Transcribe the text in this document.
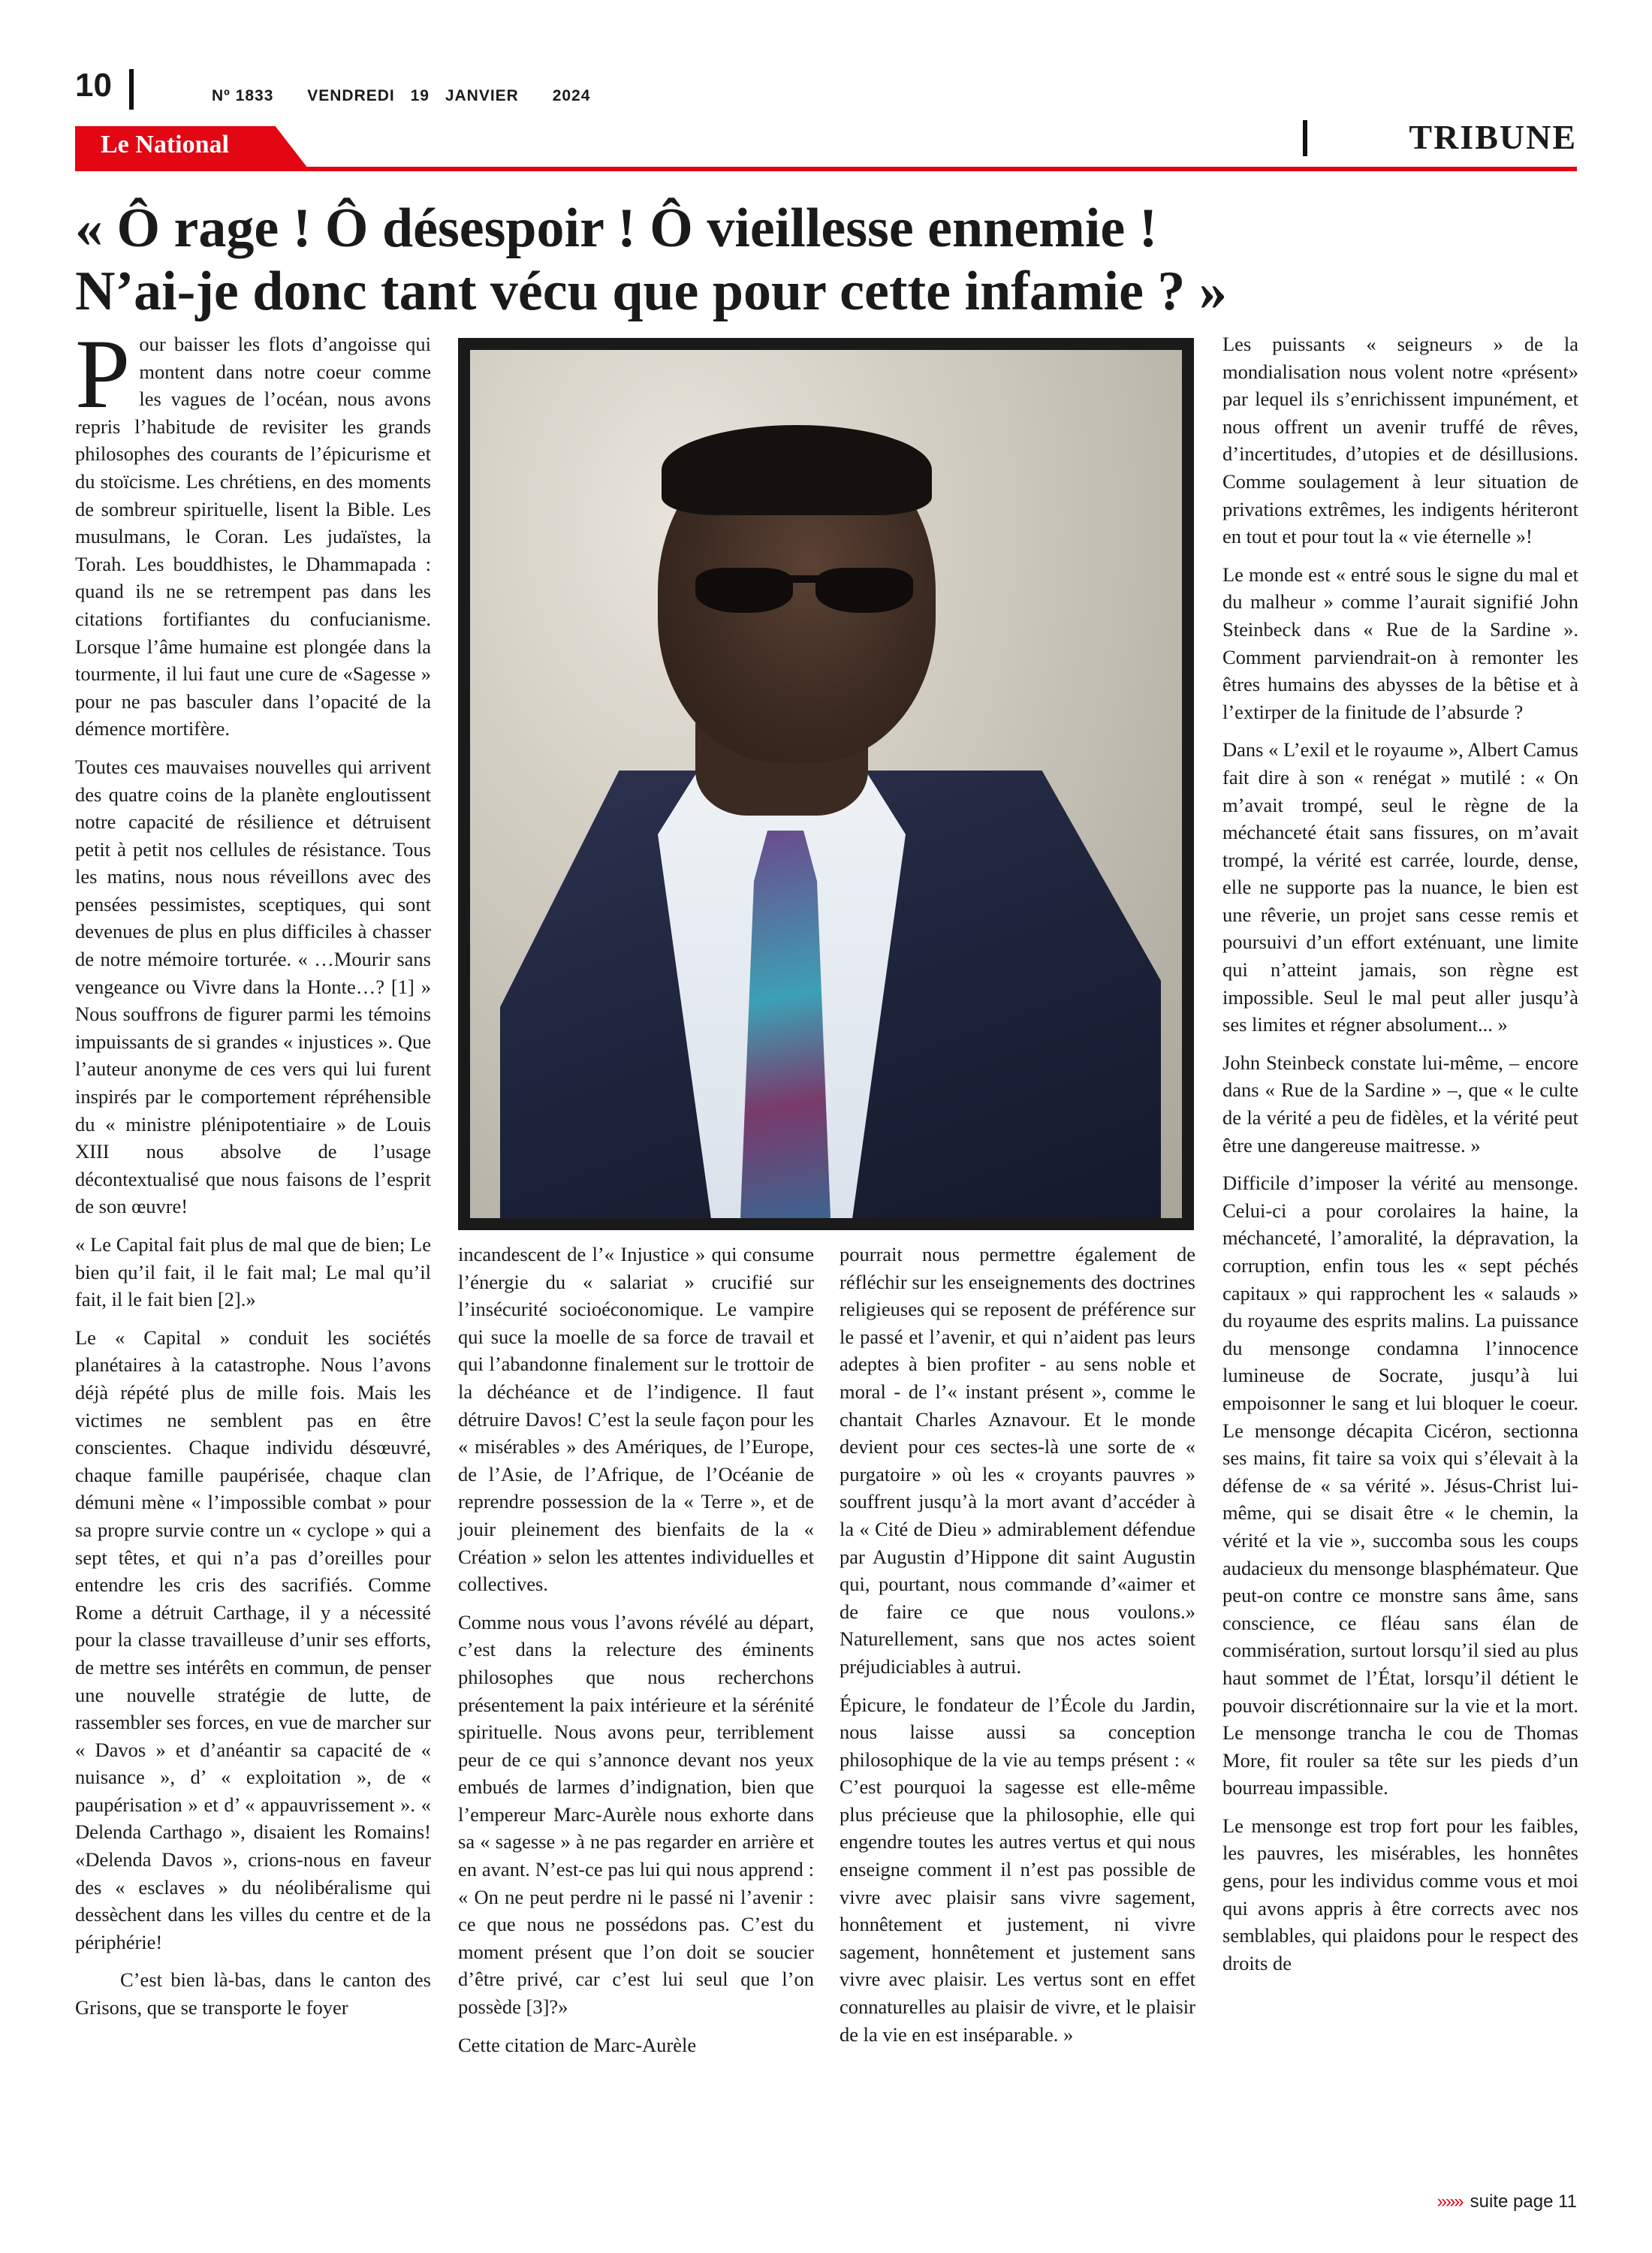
10	Nº 1833 VENDREDI 19 JANVIER 2024
Le National	TRIBUNE
« Ô rage ! Ô désespoir ! Ô vieillesse ennemie !
N’ai-je donc tant vécu que pour cette infamie ? »

Pour baisser les flots d’angoisse qui montent dans notre coeur comme les vagues de l’océan, nous avons repris l’habitude de revisiter les grands philosophes des courants de l’épicurisme et du stoïcisme. Les chrétiens, en des moments de sombreur spirituelle, lisent la Bible. Les musulmans, le Coran. Les judaïstes, la Torah. Les bouddhistes, le Dhammapada : quand ils ne se retrempent pas dans les citations fortifiantes du confucianisme. Lorsque l’âme humaine est plongée dans la tourmente, il lui faut une cure de «Sagesse » pour ne pas basculer dans l’opacité de la démence mortifère.

Toutes ces mauvaises nouvelles qui arrivent des quatre coins de la planète engloutissent notre capacité de résilience et détruisent petit à petit nos cellules de résistance. Tous les matins, nous nous réveillons avec des pensées pessimistes, sceptiques, qui sont devenues de plus en plus difficiles à chasser de notre mémoire torturée. « …Mourir sans vengeance ou Vivre dans la Honte…? [1] » Nous souffrons de figurer parmi les témoins impuissants de si grandes « injustices ». Que l’auteur anonyme de ces vers qui lui furent inspirés par le comportement répréhensible du « ministre plénipotentiaire » de Louis XIII nous absolve de l’usage décontextualisé que nous faisons de l’esprit de son œuvre!

« Le Capital fait plus de mal que de bien; Le bien qu’il fait, il le fait mal; Le mal qu’il fait, il le fait bien [2].»

Le « Capital » conduit les sociétés planétaires à la catastrophe. Nous l’avons déjà répété plus de mille fois. Mais les victimes ne semblent pas en être conscientes. Chaque individu désœuvré, chaque famille paupérisée, chaque clan démuni mène « l’impossible combat » pour sa propre survie contre un « cyclope » qui a sept têtes, et qui n’a pas d’oreilles pour entendre les cris des sacrifiés. Comme Rome a détruit Carthage, il y a nécessité pour la classe travailleuse d’unir ses efforts, de mettre ses intérêts en commun, de penser une nouvelle stratégie de lutte, de rassembler ses forces, en vue de marcher sur « Davos » et d’anéantir sa capacité de « nuisance », d’ « exploitation », de « paupérisation » et d’ « appauvrissement ». « Delenda Carthago », disaient les Romains! «Delenda Davos », crions-nous en faveur des « esclaves » du néolibéralisme qui dessèchent dans les villes du centre et de la périphérie!

C’est bien là-bas, dans le canton des Grisons, que se transporte le foyer

incandescent de l’« Injustice » qui consume l’énergie du « salariat » crucifié sur l’insécurité socioéconomique. Le vampire qui suce la moelle de sa force de travail et qui l’abandonne finalement sur le trottoir de la déchéance et de l’indigence. Il faut détruire Davos! C’est la seule façon pour les « misérables » des Amériques, de l’Europe, de l’Asie, de l’Afrique, de l’Océanie de reprendre possession de la « Terre », et de jouir pleinement des bienfaits de la « Création » selon les attentes individuelles et collectives.

Comme nous vous l’avons révélé au départ, c’est dans la relecture des éminents philosophes que nous recherchons présentement la paix intérieure et la sérénité spirituelle. Nous avons peur, terriblement peur de ce qui s’annonce devant nos yeux embués de larmes d’indignation, bien que l’empereur Marc-Aurèle nous exhorte dans sa « sagesse » à ne pas regarder en arrière et en avant. N’est-ce pas lui qui nous apprend : « On ne peut perdre ni le passé ni l’avenir : ce que nous ne possédons pas. C’est du moment présent que l’on doit se soucier d’être privé, car c’est lui seul que l’on possède [3]?»

Cette citation de Marc-Aurèle

pourrait nous permettre également de réfléchir sur les enseignements des doctrines religieuses qui se reposent de préférence sur le passé et l’avenir, et qui n’aident pas leurs adeptes à bien profiter - au sens noble et moral - de l’« instant présent », comme le chantait Charles Aznavour. Et le monde devient pour ces sectes-là une sorte de « purgatoire » où les « croyants pauvres » souffrent jusqu’à la mort avant d’accéder à la « Cité de Dieu » admirablement défendue par Augustin d’Hippone dit saint Augustin qui, pourtant, nous commande d’«aimer et de faire ce que nous voulons.» Naturellement, sans que nos actes soient préjudiciables à autrui.

Épicure, le fondateur de l’École du Jardin, nous laisse aussi sa conception philosophique de la vie au temps présent : « C’est pourquoi la sagesse est elle-même plus précieuse que la philosophie, elle qui engendre toutes les autres vertus et qui nous enseigne comment il n’est pas possible de vivre avec plaisir sans vivre sagement, honnêtement et justement, ni vivre sagement, honnêtement et justement sans vivre avec plaisir. Les vertus sont en effet connaturelles au plaisir de vivre, et le plaisir de la vie en est inséparable. »

Les puissants « seigneurs » de la mondialisation nous volent notre «présent» par lequel ils s’enrichissent impunément, et nous offrent un avenir truffé de rêves, d’incertitudes, d’utopies et de désillusions. Comme soulagement à leur situation de privations extrêmes, les indigents hériteront en tout et pour tout la « vie éternelle »!

Le monde est « entré sous le signe du mal et du malheur » comme l’aurait signifié John Steinbeck dans « Rue de la Sardine ». Comment parviendrait-on à remonter les êtres humains des abysses de la bêtise et à l’extirper de la finitude de l’absurde ?

Dans « L’exil et le royaume », Albert Camus fait dire à son « renégat » mutilé : « On m’avait trompé, seul le règne de la méchanceté était sans fissures, on m’avait trompé, la vérité est carrée, lourde, dense, elle ne supporte pas la nuance, le bien est une rêverie, un projet sans cesse remis et poursuivi d’un effort exténuant, une limite qui n’atteint jamais, son règne est impossible. Seul le mal peut aller jusqu’à ses limites et régner absolument... »

John Steinbeck constate lui-même, – encore dans « Rue de la Sardine » –, que « le culte de la vérité a peu de fidèles, et la vérité peut être une dangereuse maitresse. »

Difficile d’imposer la vérité au mensonge. Celui-ci a pour corolaires la haine, la méchanceté, l’amoralité, la dépravation, la corruption, enfin tous les « sept péchés capitaux » qui rapprochent les « salauds » du royaume des esprits malins. La puissance du mensonge condamna l’innocence lumineuse de Socrate, jusqu’à lui empoisonner le sang et lui bloquer le coeur. Le mensonge décapita Cicéron, sectionna ses mains, fit taire sa voix qui s’élevait à la défense de « sa vérité ». Jésus-Christ lui-même, qui se disait être « le chemin, la vérité et la vie », succomba sous les coups audacieux du mensonge blasphémateur. Que peut-on contre ce monstre sans âme, sans conscience, ce fléau sans élan de commisération, surtout lorsqu’il sied au plus haut sommet de l’État, lorsqu’il détient le pouvoir discrétionnaire sur la vie et la mort. Le mensonge trancha le cou de Thomas More, fit rouler sa tête sur les pieds d’un bourreau impassible.

Le mensonge est trop fort pour les faibles, les pauvres, les misérables, les honnêtes gens, pour les individus comme vous et moi qui avons appris à être corrects avec nos semblables, qui plaidons pour le respect des droits de

»»» suite page 11
